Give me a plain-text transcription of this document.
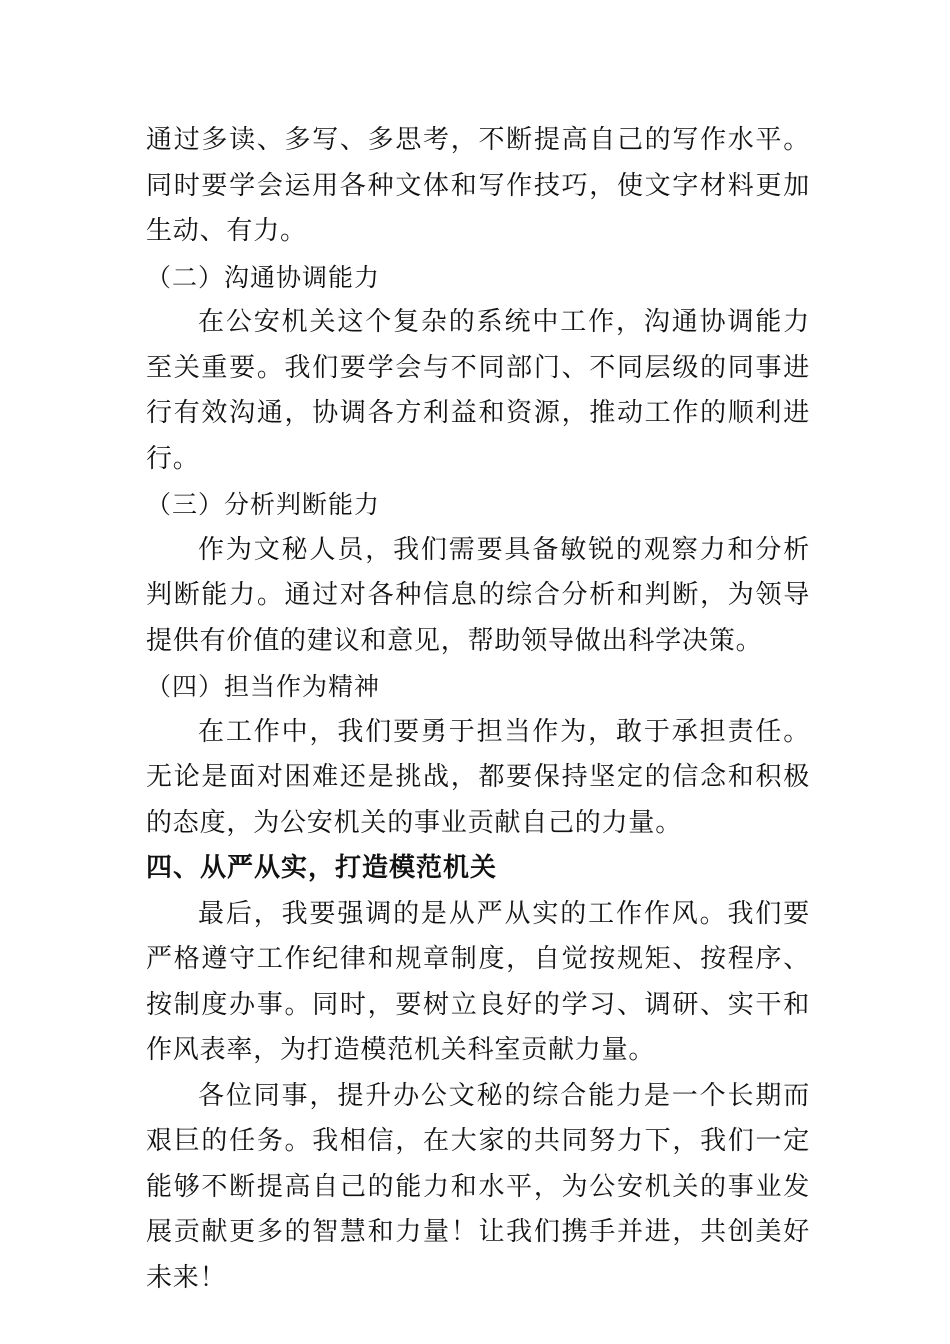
通过多读、多写、多思考，不断提高自己的写作水平。同时要学会运用各种文体和写作技巧，使文字材料更加生动、有力。

（二）沟通协调能力

在公安机关这个复杂的系统中工作，沟通协调能力至关重要。我们要学会与不同部门、不同层级的同事进行有效沟通，协调各方利益和资源，推动工作的顺利进行。

（三）分析判断能力

作为文秘人员，我们需要具备敏锐的观察力和分析判断能力。通过对各种信息的综合分析和判断，为领导提供有价值的建议和意见，帮助领导做出科学决策。

（四）担当作为精神

在工作中，我们要勇于担当作为，敢于承担责任。无论是面对困难还是挑战，都要保持坚定的信念和积极的态度，为公安机关的事业贡献自己的力量。

四、从严从实，打造模范机关

最后，我要强调的是从严从实的工作作风。我们要严格遵守工作纪律和规章制度，自觉按规矩、按程序、按制度办事。同时，要树立良好的学习、调研、实干和作风表率，为打造模范机关科室贡献力量。

各位同事，提升办公文秘的综合能力是一个长期而艰巨的任务。我相信，在大家的共同努力下，我们一定能够不断提高自己的能力和水平，为公安机关的事业发展贡献更多的智慧和力量！让我们携手并进，共创美好未来！
